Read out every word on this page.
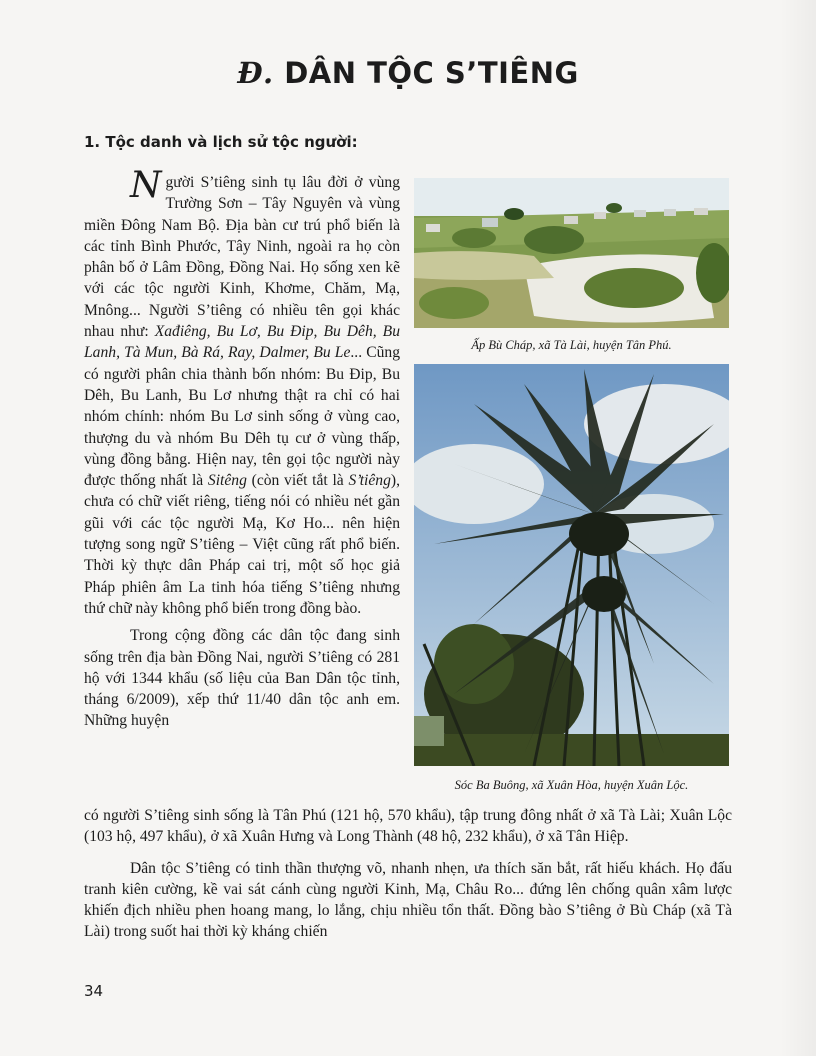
Đ. DÂN TỘC S’TIÊNG
1. Tộc danh và lịch sử tộc người:

Người S’tiêng sinh tụ lâu đời ở vùng Trường Sơn – Tây Nguyên và vùng miền Đông Nam Bộ. Địa bàn cư trú phổ biến là các tỉnh Bình Phước, Tây Ninh, ngoài ra họ còn phân bố ở Lâm Đồng, Đồng Nai. Họ sống xen kẽ với các tộc người Kinh, Khơme, Chăm, Mạ, Mnông... Người S’tiêng có nhiều tên gọi khác nhau như: Xađiêng, Bu Lơ, Bu Đip, Bu Dêh, Bu Lanh, Tà Mun, Bà Rá, Ray, Dalmer, Bu Le... Cũng có người phân chia thành bốn nhóm: Bu Đip, Bu Dêh, Bu Lanh, Bu Lơ nhưng thật ra chỉ có hai nhóm chính: nhóm Bu Lơ sinh sống ở vùng cao, thượng du và nhóm Bu Dêh tụ cư ở vùng thấp, vùng đồng bằng. Hiện nay, tên gọi tộc người này được thống nhất là Sitêng (còn viết tắt là S’tiêng), chưa có chữ viết riêng, tiếng nói có nhiều nét gần gũi với các tộc người Mạ, Kơ Ho... nên hiện tượng song ngữ S’tiêng – Việt cũng rất phổ biến. Thời kỳ thực dân Pháp cai trị, một số học giả Pháp phiên âm La tinh hóa tiếng S’tiêng nhưng thứ chữ này không phổ biến trong đồng bào.

Trong cộng đồng các dân tộc đang sinh sống trên địa bàn Đồng Nai, người S’tiêng có 281 hộ với 1344 khẩu (số liệu của Ban Dân tộc tỉnh, tháng 6/2009), xếp thứ 11/40 dân tộc anh em. Những huyện

Ấp Bù Cháp, xã Tà Lài, huyện Tân Phú.
Sóc Ba Buông, xã Xuân Hòa, huyện Xuân Lộc.

có người S’tiêng sinh sống là Tân Phú (121 hộ, 570 khẩu), tập trung đông nhất ở xã Tà Lài; Xuân Lộc (103 hộ, 497 khẩu), ở xã Xuân Hưng và Long Thành (48 hộ, 232 khẩu), ở xã Tân Hiệp.

Dân tộc S’tiêng có tinh thần thượng võ, nhanh nhẹn, ưa thích săn bắt, rất hiếu khách. Họ đấu tranh kiên cường, kề vai sát cánh cùng người Kinh, Mạ, Châu Ro... đứng lên chống quân xâm lược khiến địch nhiều phen hoang mang, lo lắng, chịu nhiều tổn thất. Đồng bào S’tiêng ở Bù Cháp (xã Tà Lài) trong suốt hai thời kỳ kháng chiến

34
